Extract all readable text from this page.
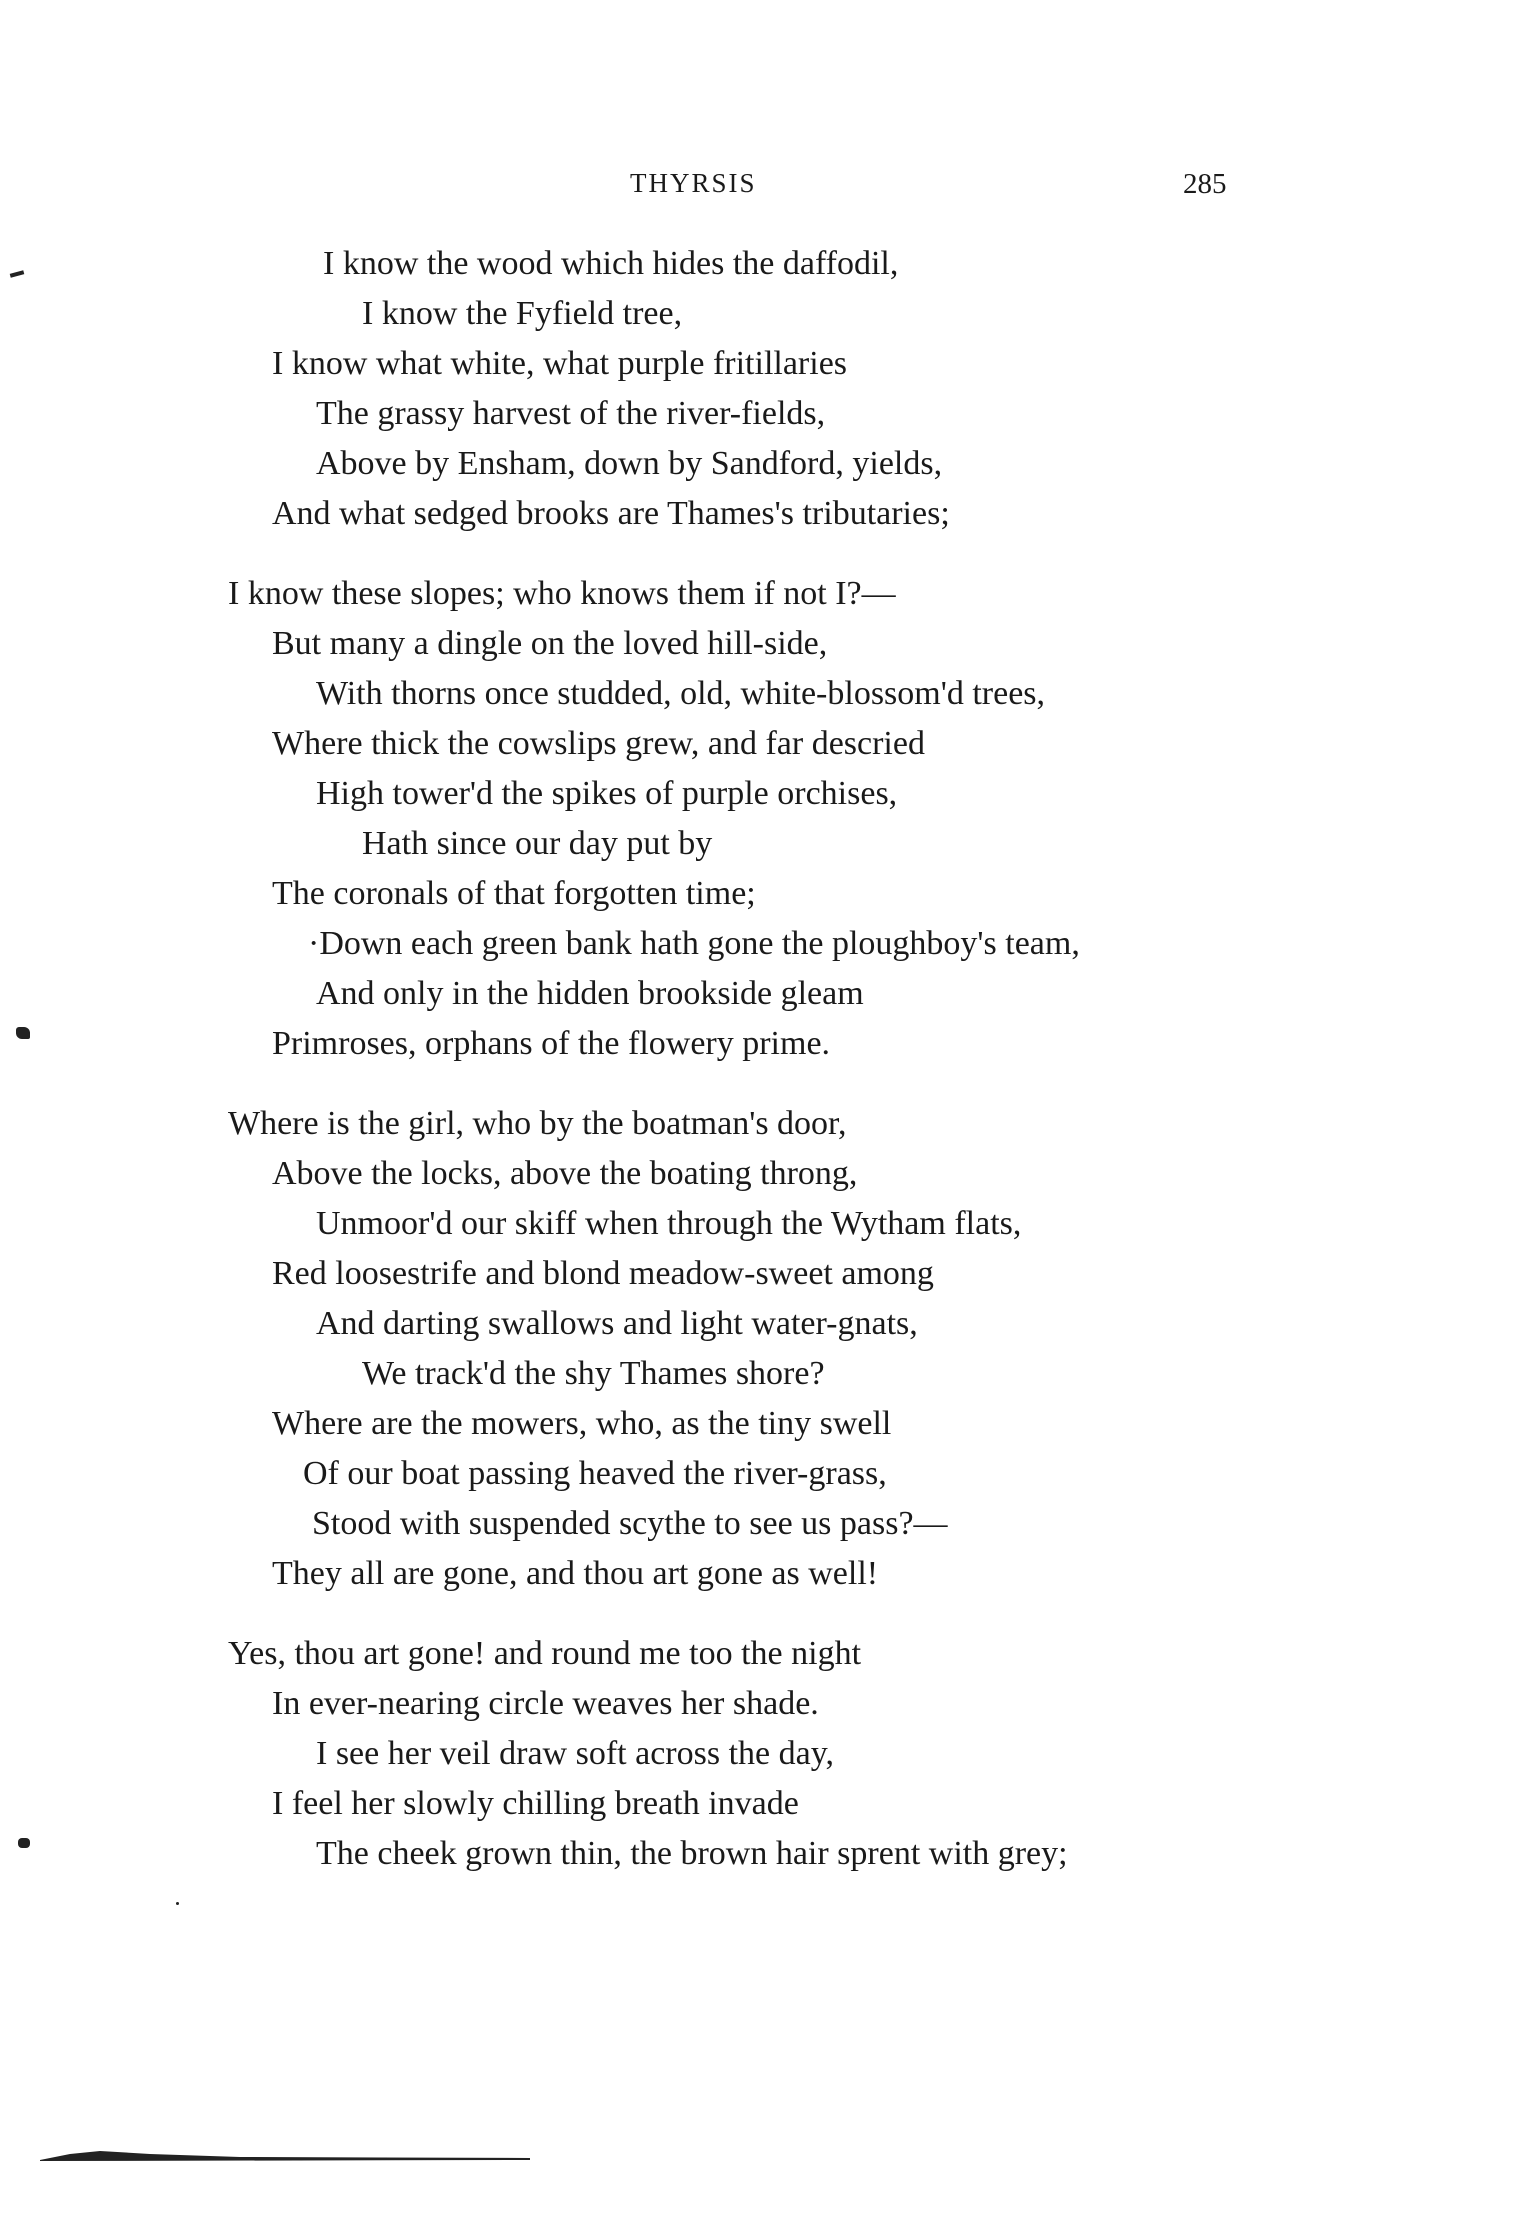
THYRSIS	285
I know the wood which hides the daffodil,
I know the Fyfield tree,
I know what white, what purple fritillaries
The grassy harvest of the river-fields,
Above by Ensham, down by Sandford, yields,
And what sedged brooks are Thames's tributaries;
I know these slopes; who knows them if not I?—
But many a dingle on the loved hill-side,
With thorns once studded, old, white-blossom'd trees,
Where thick the cowslips grew, and far descried
High tower'd the spikes of purple orchises,
Hath since our day put by
The coronals of that forgotten time;
·Down each green bank hath gone the ploughboy's team,
And only in the hidden brookside gleam
Primroses, orphans of the flowery prime.
Where is the girl, who by the boatman's door,
Above the locks, above the boating throng,
Unmoor'd our skiff when through the Wytham flats,
Red loosestrife and blond meadow-sweet among
And darting swallows and light water-gnats,
We track'd the shy Thames shore?
Where are the mowers, who, as the tiny swell
Of our boat passing heaved the river-grass,
Stood with suspended scythe to see us pass?—
They all are gone, and thou art gone as well!
Yes, thou art gone! and round me too the night
In ever-nearing circle weaves her shade.
I see her veil draw soft across the day,
I feel her slowly chilling breath invade
The cheek grown thin, the brown hair sprent with grey;
